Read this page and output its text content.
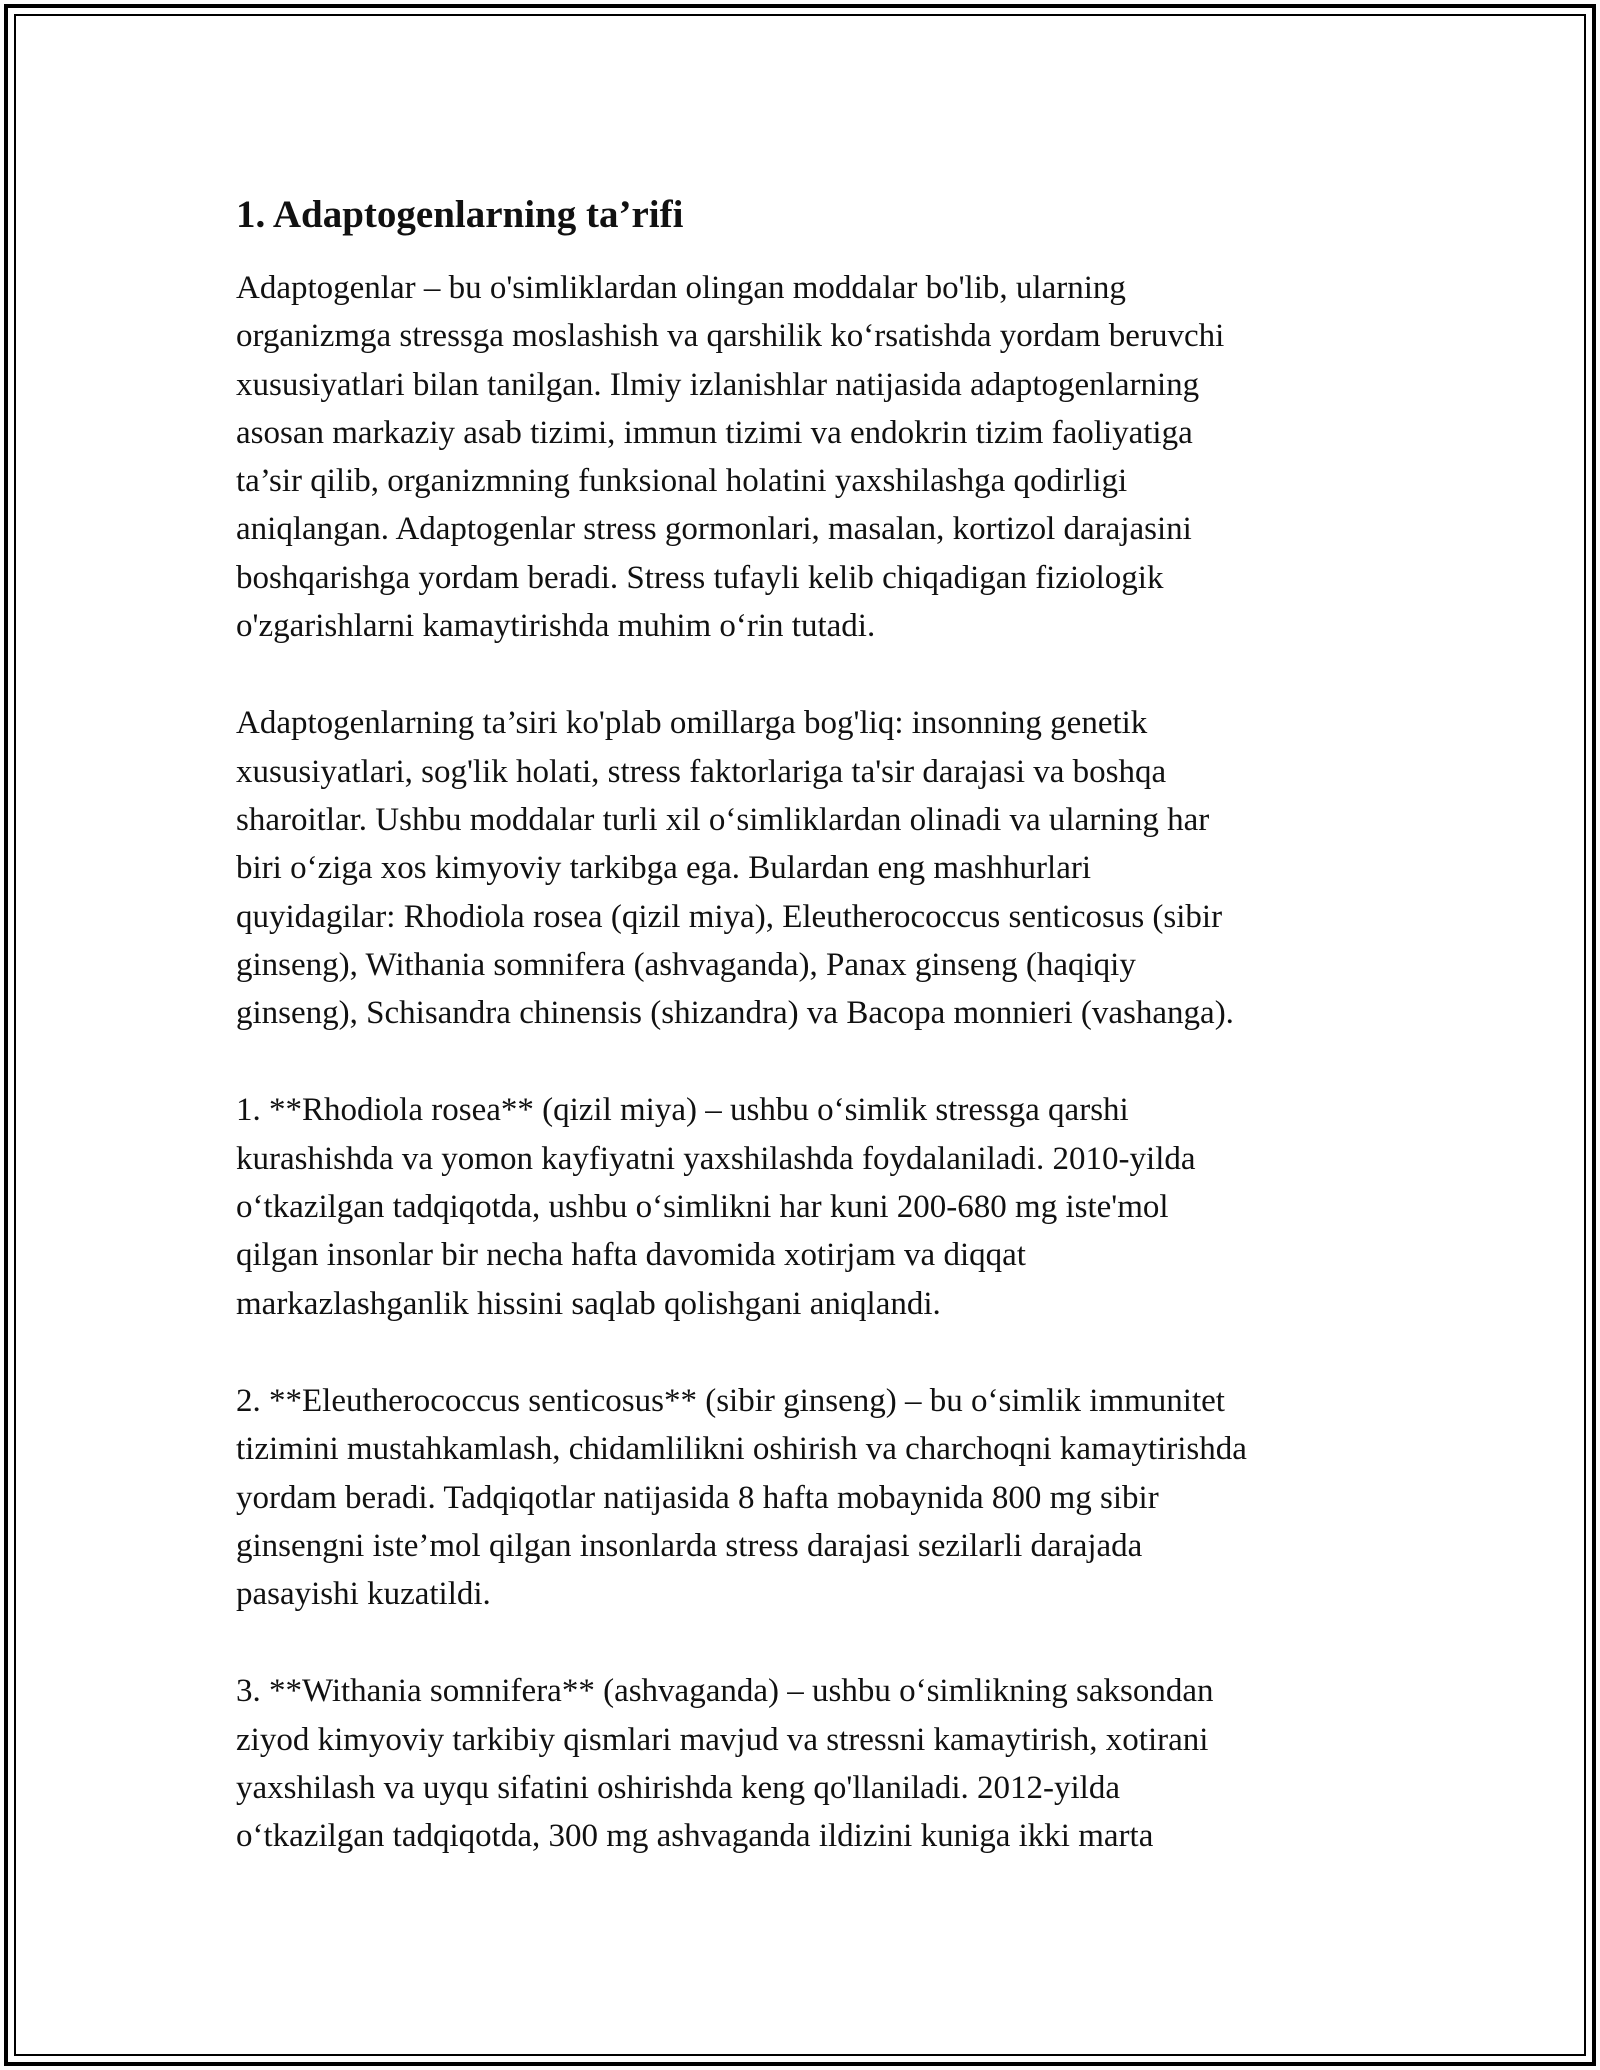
1. Adaptogenlarning ta’rifi

Adaptogenlar – bu o'simliklardan olingan moddalar bo'lib, ularning
organizmga stressga moslashish va qarshilik ko‘rsatishda yordam beruvchi
xususiyatlari bilan tanilgan. Ilmiy izlanishlar natijasida adaptogenlarning
asosan markaziy asab tizimi, immun tizimi va endokrin tizim faoliyatiga
ta’sir qilib, organizmning funksional holatini yaxshilashga qodirligi
aniqlangan. Adaptogenlar stress gormonlari, masalan, kortizol darajasini
boshqarishga yordam beradi. Stress tufayli kelib chiqadigan fiziologik
o'zgarishlarni kamaytirishda muhim o‘rin tutadi.

Adaptogenlarning ta’siri ko'plab omillarga bog'liq: insonning genetik
xususiyatlari, sog'lik holati, stress faktorlariga ta'sir darajasi va boshqa
sharoitlar. Ushbu moddalar turli xil o‘simliklardan olinadi va ularning har
biri o‘ziga xos kimyoviy tarkibga ega. Bulardan eng mashhurlari
quyidagilar: Rhodiola rosea (qizil miya), Eleutherococcus senticosus (sibir
ginseng), Withania somnifera (ashvaganda), Panax ginseng (haqiqiy
ginseng), Schisandra chinensis (shizandra) va Bacopa monnieri (vashanga).

1. **Rhodiola rosea** (qizil miya) – ushbu o‘simlik stressga qarshi
kurashishda va yomon kayfiyatni yaxshilashda foydalaniladi. 2010-yilda
o‘tkazilgan tadqiqotda, ushbu o‘simlikni har kuni 200-680 mg iste'mol
qilgan insonlar bir necha hafta davomida xotirjam va diqqat
markazlashganlik hissini saqlab qolishgani aniqlandi.

2. **Eleutherococcus senticosus** (sibir ginseng) – bu o‘simlik immunitet
tizimini mustahkamlash, chidamlilikni oshirish va charchoqni kamaytirishda
yordam beradi. Tadqiqotlar natijasida 8 hafta mobaynida 800 mg sibir
ginsengni iste’mol qilgan insonlarda stress darajasi sezilarli darajada
pasayishi kuzatildi.

3. **Withania somnifera** (ashvaganda) – ushbu o‘simlikning saksondan
ziyod kimyoviy tarkibiy qismlari mavjud va stressni kamaytirish, xotirani
yaxshilash va uyqu sifatini oshirishda keng qo'llaniladi. 2012-yilda
o‘tkazilgan tadqiqotda, 300 mg ashvaganda ildizini kuniga ikki marta
